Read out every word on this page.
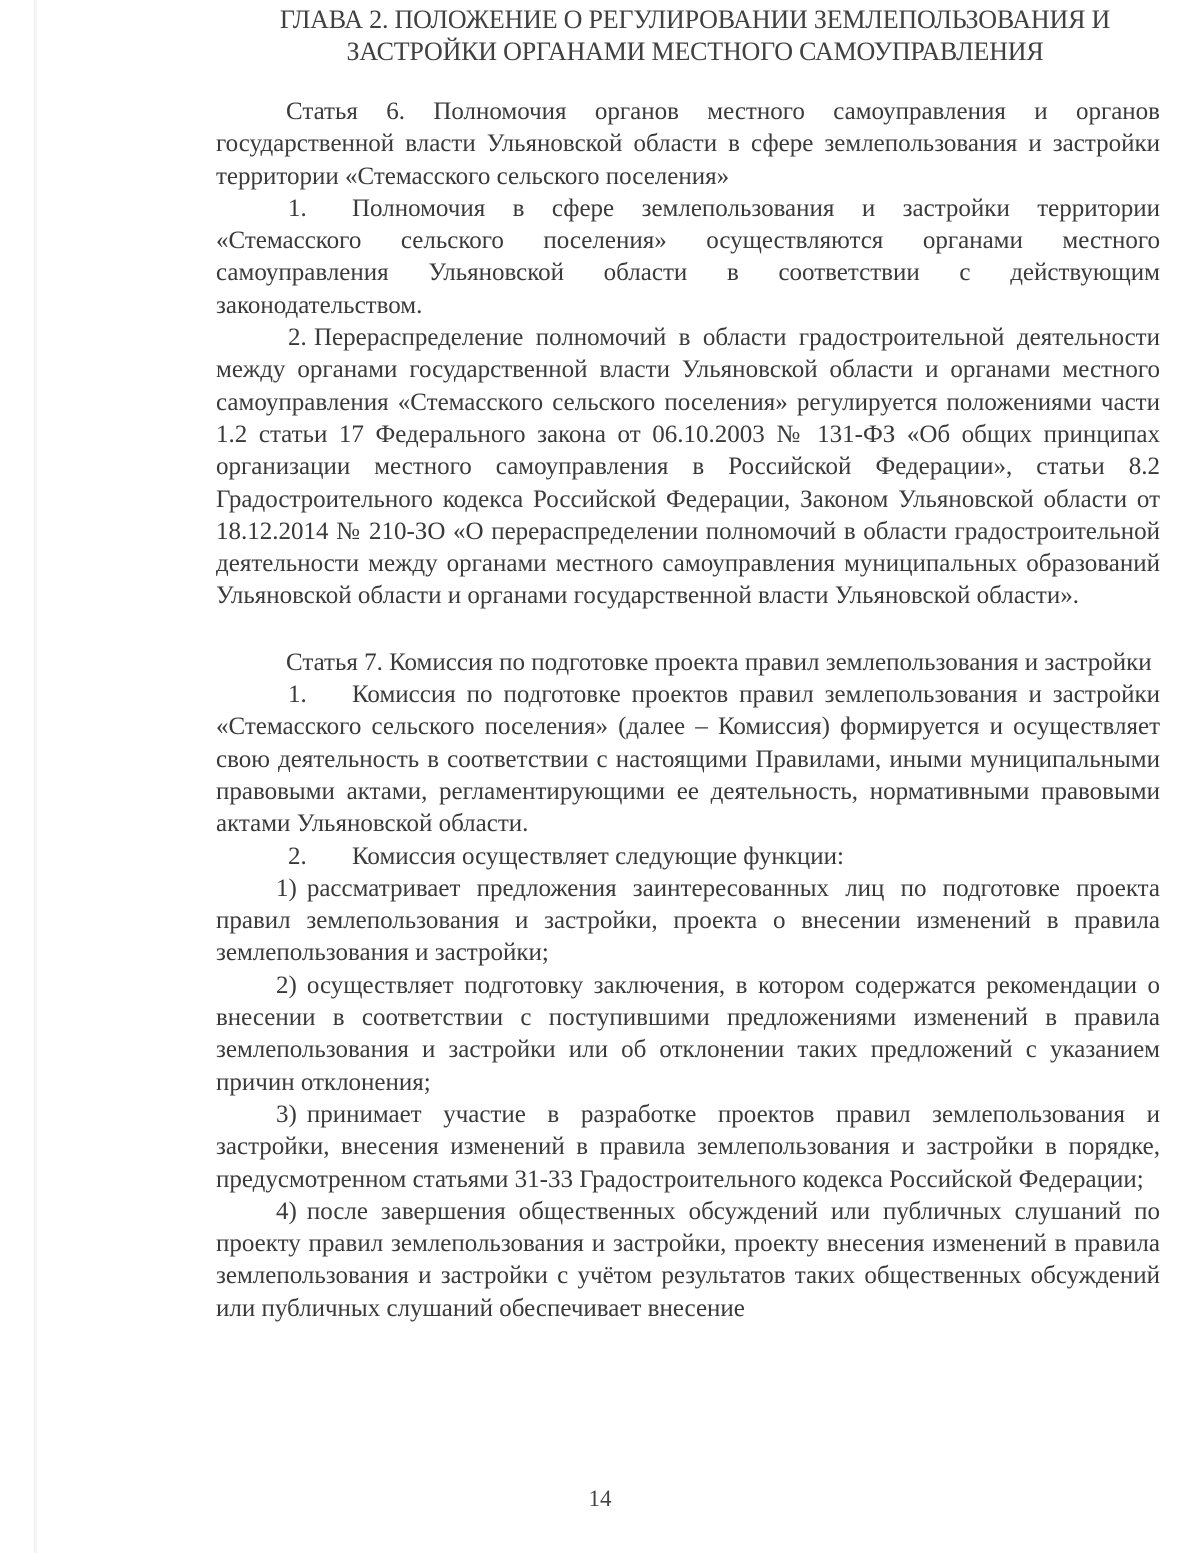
ГЛАВА 2. ПОЛОЖЕНИЕ О РЕГУЛИРОВАНИИ ЗЕМЛЕПОЛЬЗОВАНИЯ И
ЗАСТРОЙКИ ОРГАНАМИ МЕСТНОГО САМОУПРАВЛЕНИЯ

Статья 6. Полномочия органов местного самоуправления и органов государственной власти Ульяновской области в сфере землепользования и застройки территории «Стемасского сельского поселения»

1. Полномочия в сфере землепользования и застройки территории «Стемасского сельского поселения» осуществляются органами местного самоуправления Ульяновской области в соответствии с действующим законодательством.

2. Перераспределение полномочий в области градостроительной деятельности между органами государственной власти Ульяновской области и органами местного самоуправления «Стемасского сельского поселения» регулируется положениями части 1.2 статьи 17 Федерального закона от 06.10.2003 № 131-ФЗ «Об общих принципах организации местного самоуправления в Российской Федерации», статьи 8.2 Градостроительного кодекса Российской Федерации, Законом Ульяновской области от 18.12.2014 № 210-ЗО «О перераспределении полномочий в области градостроительной деятельности между органами местного самоуправления муниципальных образований Ульяновской области и органами государственной власти Ульяновской области».

Статья 7. Комиссия по подготовке проекта правил землепользования и застройки

1. Комиссия по подготовке проектов правил землепользования и застройки «Стемасского сельского поселения» (далее – Комиссия) формируется и осуществляет свою деятельность в соответствии с настоящими Правилами, иными муниципальными правовыми актами, регламентирующими ее деятельность, нормативными правовыми актами Ульяновской области.

2. Комиссия осуществляет следующие функции:

1) рассматривает предложения заинтересованных лиц по подготовке проекта правил землепользования и застройки, проекта о внесении изменений в правила землепользования и застройки;

2) осуществляет подготовку заключения, в котором содержатся рекомендации о внесении в соответствии с поступившими предложениями изменений в правила землепользования и застройки или об отклонении таких предложений с указанием причин отклонения;

3) принимает участие в разработке проектов правил землепользования и застройки, внесения изменений в правила землепользования и застройки в порядке, предусмотренном статьями 31-33 Градостроительного кодекса Российской Федерации;

4) после завершения общественных обсуждений или публичных слушаний по проекту правил землепользования и застройки, проекту внесения изменений в правила землепользования и застройки с учётом результатов таких общественных обсуждений или публичных слушаний обеспечивает внесение

14
